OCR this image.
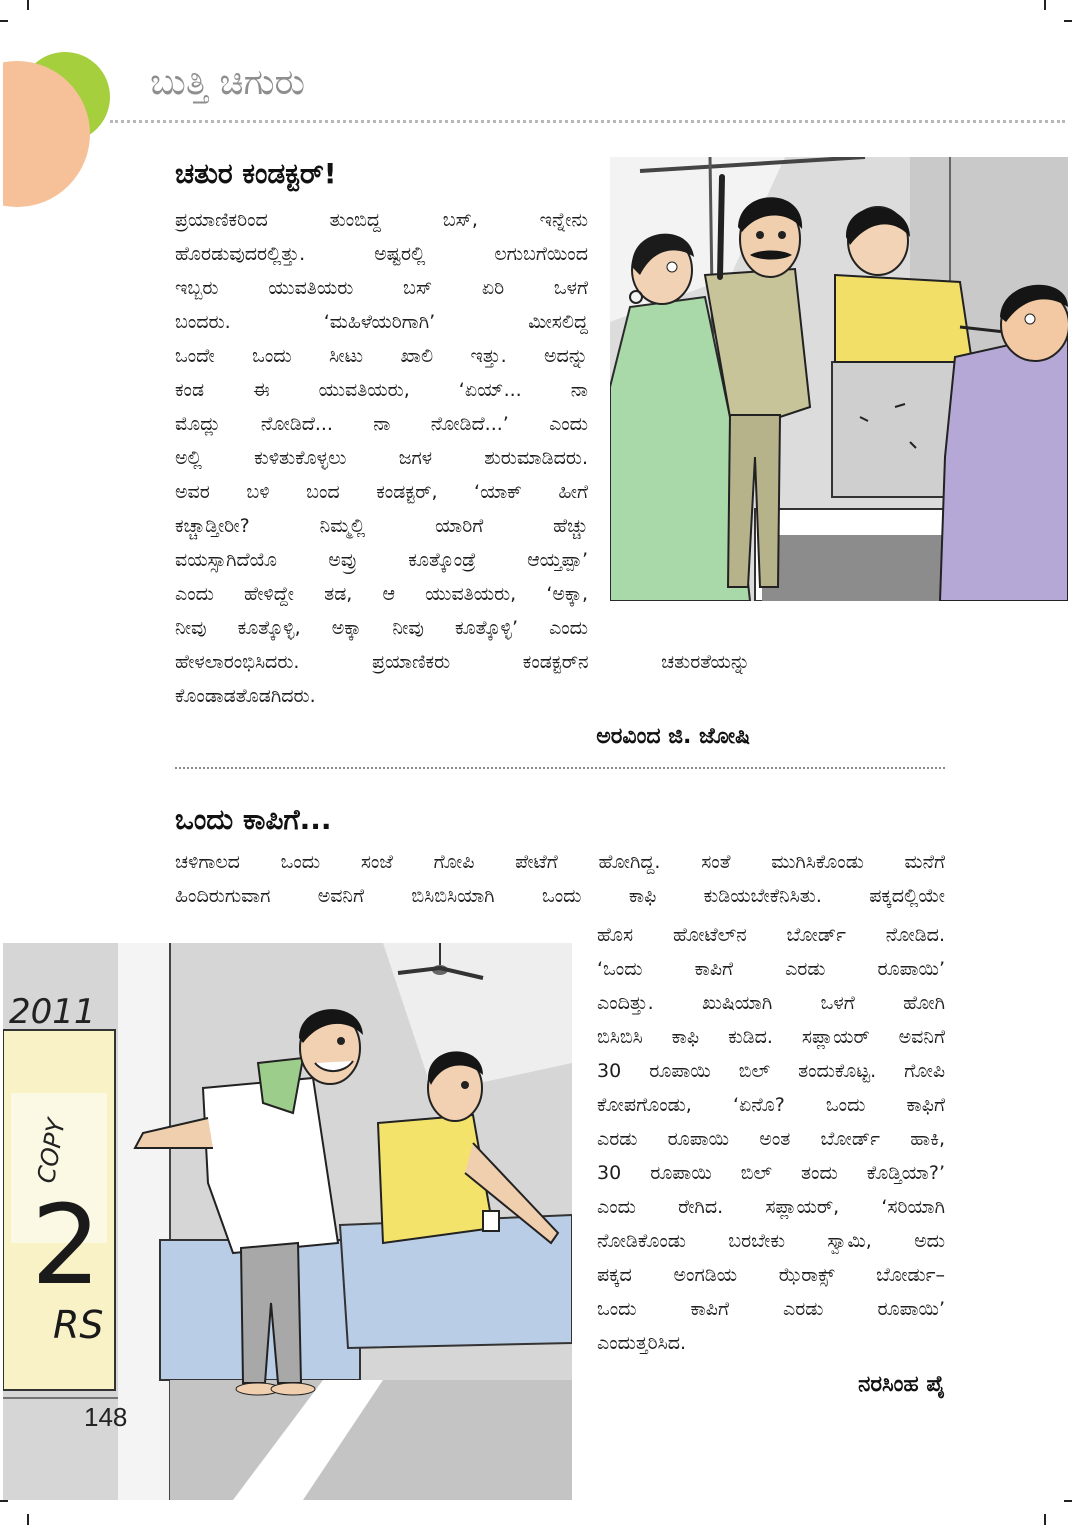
ಬುತ್ತಿ ಚಿಗುರು
ಚತುರ ಕಂಡಕ್ಟರ್!
ಪ್ರಯಾಣಿಕರಿಂದ ತುಂಬಿದ್ದ ಬಸ್, ಇನ್ನೇನು
ಹೊರಡುವುದರಲ್ಲಿತ್ತು. ಅಷ್ಟರಲ್ಲಿ ಲಗುಬಗೆಯಿಂದ
ಇಬ್ಬರು ಯುವತಿಯರು ಬಸ್ ಏರಿ ಒಳಗೆ
ಬಂದರು. ‘ಮಹಿಳೆಯರಿಗಾಗಿ’ ಮೀಸಲಿದ್ದ
ಒಂದೇ ಒಂದು ಸೀಟು ಖಾಲಿ ಇತ್ತು. ಅದನ್ನು
ಕಂಡ ಈ ಯುವತಿಯರು, ‘ಏಯ್... ನಾ
ಮೊದ್ಲು ನೋಡಿದೆ... ನಾ ನೋಡಿದೆ...’ ಎಂದು
ಅಲ್ಲಿ ಕುಳಿತುಕೊಳ್ಳಲು ಜಗಳ ಶುರುಮಾಡಿದರು.
ಅವರ ಬಳಿ ಬಂದ ಕಂಡಕ್ಟರ್, ‘ಯಾಕ್ ಹೀಗೆ
ಕಚ್ಚಾಡ್ತೀರೀ? ನಿಮ್ಮಲ್ಲಿ ಯಾರಿಗೆ ಹೆಚ್ಚು
ವಯಸ್ಸಾಗಿದೆಯೊ ಅವ್ರು ಕೂತ್ಕೊಂಡ್ರೆ ಆಯ್ತಪ್ಪಾ’
ಎಂದು ಹೇಳಿದ್ದೇ ತಡ, ಆ ಯುವತಿಯರು, ‘ಅಕ್ಕಾ,
ನೀವು ಕೂತ್ಕೊಳ್ಳಿ, ಅಕ್ಕಾ ನೀವು ಕೂತ್ಕೊಳ್ಳಿ’ ಎಂದು
ಹೇಳಲಾರಂಭಿಸಿದರು. ಪ್ರಯಾಣಿಕರು ಕಂಡಕ್ಟರ್‌ನ ಚತುರತೆಯನ್ನು
ಕೊಂಡಾಡತೊಡಗಿದರು.
ಅರವಿಂದ ಜಿ. ಜೋಷಿ
ಒಂದು ಕಾಪಿಗೆ...
ಚಳಿಗಾಲದ ಒಂದು ಸಂಜೆ ಗೋಪಿ ಪೇಟೆಗೆ ಹೋಗಿದ್ದ. ಸಂತೆ ಮುಗಿಸಿಕೊಂಡು ಮನೆಗೆ
ಹಿಂದಿರುಗುವಾಗ ಅವನಿಗೆ ಬಿಸಿಬಿಸಿಯಾಗಿ ಒಂದು ಕಾಫಿ ಕುಡಿಯಬೇಕೆನಿಸಿತು. ಪಕ್ಕದಲ್ಲಿಯೇ
ಹೊಸ ಹೋಟೆಲ್‌ನ ಬೋರ್ಡ್ ನೋಡಿದ.
‘ಒಂದು ಕಾಪಿಗೆ ಎರಡು ರೂಪಾಯಿ’
ಎಂದಿತ್ತು. ಖುಷಿಯಾಗಿ ಒಳಗೆ ಹೋಗಿ
ಬಿಸಿಬಿಸಿ ಕಾಫಿ ಕುಡಿದ. ಸಪ್ಲಾಯರ್ ಅವನಿಗೆ
30 ರೂಪಾಯಿ ಬಿಲ್ ತಂದುಕೊಟ್ಟ. ಗೋಪಿ
ಕೋಪಗೊಂಡು, ‘ಏನೊ? ಒಂದು ಕಾಫಿಗೆ
ಎರಡು ರೂಪಾಯಿ ಅಂತ ಬೋರ್ಡ್ ಹಾಕಿ,
30 ರೂಪಾಯಿ ಬಿಲ್ ತಂದು ಕೊಡ್ತಿಯಾ?’
ಎಂದು ರೇಗಿದ. ಸಪ್ಲಾಯರ್, ‘ಸರಿಯಾಗಿ
ನೋಡಿಕೊಂಡು ಬರಬೇಕು ಸ್ವಾಮಿ, ಅದು
ಪಕ್ಕದ ಅಂಗಡಿಯ ಝೆರಾಕ್ಸ್ ಬೋರ್ಡು–
ಒಂದು ಕಾಪಿಗೆ ಎರಡು ರೂಪಾಯಿ’
ಎಂದುತ್ತರಿಸಿದ.
ನರಸಿಂಹ ಪೈ
2011
COPY
2
RS
148
